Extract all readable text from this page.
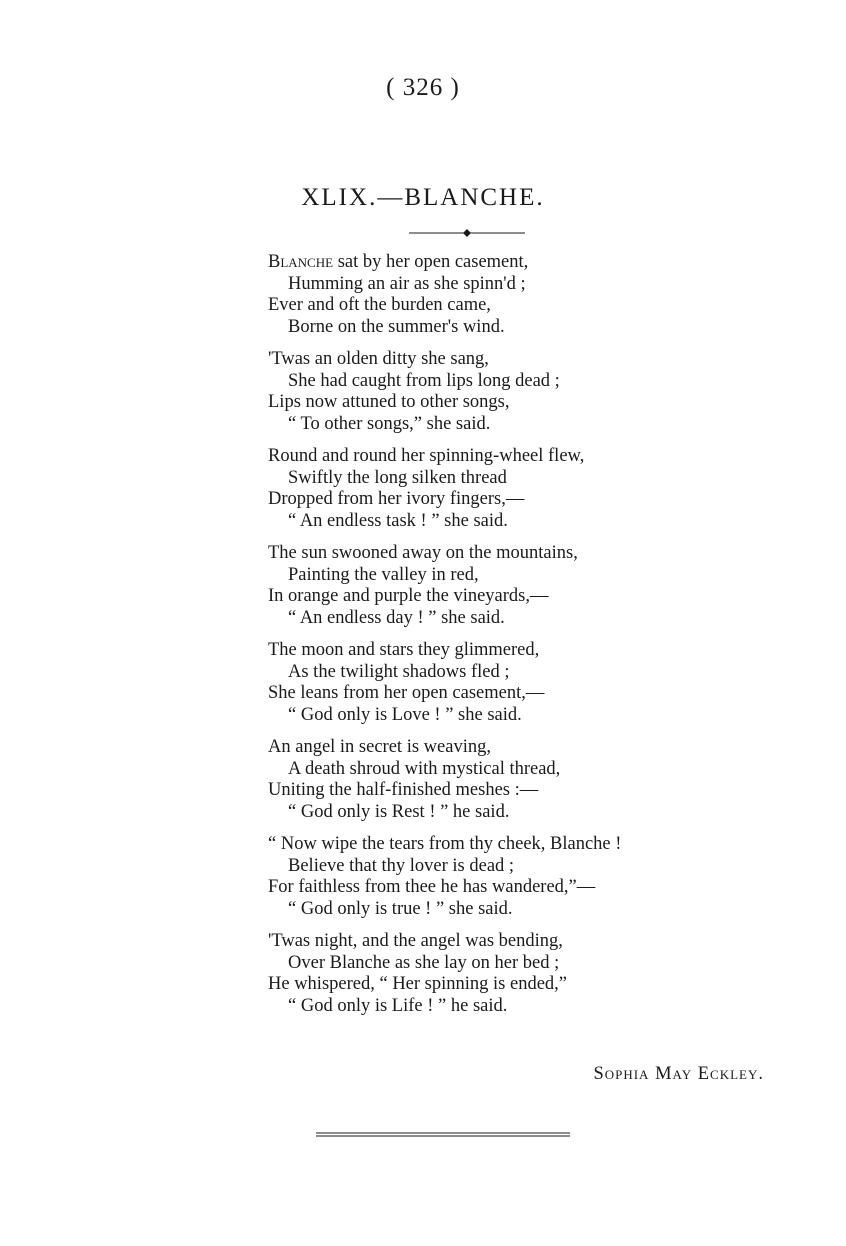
( 326 )
XLIX.—BLANCHE.
Blanche sat by her open casement,
Humming an air as she spinn'd ;
Ever and oft the burden came,
Borne on the summer's wind.
'Twas an olden ditty she sang,
She had caught from lips long dead ;
Lips now attuned to other songs,
“ To other songs,” she said.
Round and round her spinning-wheel flew,
Swiftly the long silken thread
Dropped from her ivory fingers,—
“ An endless task ! ” she said.
The sun swooned away on the mountains,
Painting the valley in red,
In orange and purple the vineyards,—
“ An endless day ! ” she said.
The moon and stars they glimmered,
As the twilight shadows fled ;
She leans from her open casement,—
“ God only is Love ! ” she said.
An angel in secret is weaving,
A death shroud with mystical thread,
Uniting the half-finished meshes :—
“ God only is Rest ! ” he said.
“ Now wipe the tears from thy cheek, Blanche !
Believe that thy lover is dead ;
For faithless from thee he has wandered,”—
“ God only is true ! ” she said.
'Twas night, and the angel was bending,
Over Blanche as she lay on her bed ;
He whispered, “ Her spinning is ended,”
“ God only is Life ! ” he said.
Sophia May Eckley.
